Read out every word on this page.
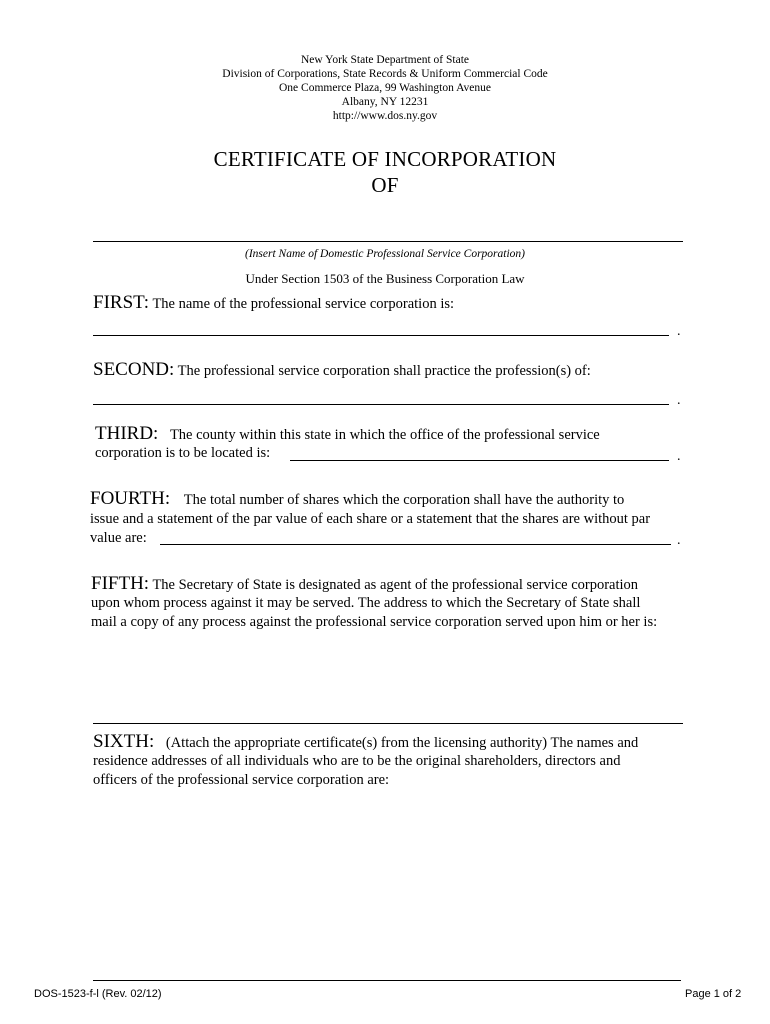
New York State Department of State
Division of Corporations, State Records & Uniform Commercial Code
One Commerce Plaza, 99 Washington Avenue
Albany, NY 12231
http://www.dos.ny.gov
CERTIFICATE OF INCORPORATION
OF
(Insert Name of Domestic Professional Service Corporation)
Under Section 1503 of the Business Corporation Law
FIRST: The name of the professional service corporation is:
.
SECOND: The professional service corporation shall practice the profession(s) of:
.
THIRD: The county within this state in which the office of the professional service
corporation is to be located is:	.
FOURTH: The total number of shares which the corporation shall have the authority to
issue and a statement of the par value of each share or a statement that the shares are without par
value are:	.
FIFTH: The Secretary of State is designated as agent of the professional service corporation
upon whom process against it may be served. The address to which the Secretary of State shall
mail a copy of any process against the professional service corporation served upon him or her is:
SIXTH: (Attach the appropriate certificate(s) from the licensing authority) The names and
residence addresses of all individuals who are to be the original shareholders, directors and
officers of the professional service corporation are:
DOS-1523-f-l (Rev. 02/12)	Page 1 of 2
